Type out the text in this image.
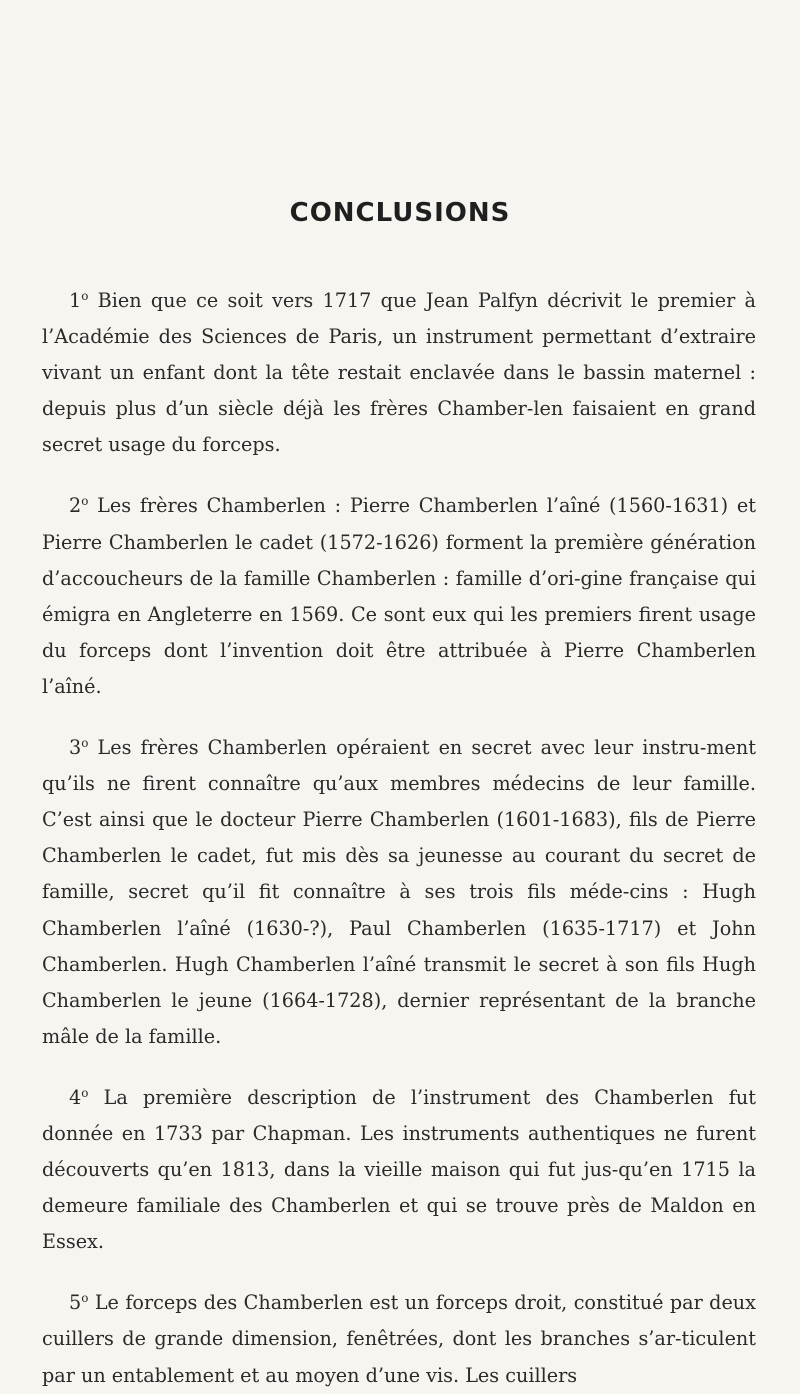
CONCLUSIONS

1$^o$ Bien que ce soit vers 1717 que Jean Palfyn décrivit le premier à l’Académie des Sciences de Paris, un instrument permettant d’extraire vivant un enfant dont la tête restait enclavée dans le bassin maternel : depuis plus d’un siècle déjà les frères Chamber-len faisaient en grand secret usage du forceps.

2$^o$ Les frères Chamberlen : Pierre Chamberlen l’aîné (1560-1631) et Pierre Chamberlen le cadet (1572-1626) forment la première génération d’accoucheurs de la famille Chamberlen : famille d’ori-gine française qui émigra en Angleterre en 1569. Ce sont eux qui les premiers firent usage du forceps dont l’invention doit être attribuée à Pierre Chamberlen l’aîné.

3$^o$ Les frères Chamberlen opéraient en secret avec leur instru-ment qu’ils ne firent connaître qu’aux membres médecins de leur famille. C’est ainsi que le docteur Pierre Chamberlen (1601-1683), fils de Pierre Chamberlen le cadet, fut mis dès sa jeunesse au courant du secret de famille, secret qu’il fit connaître à ses trois fils méde-cins : Hugh Chamberlen l’aîné (1630-?), Paul Chamberlen (1635-1717) et John Chamberlen. Hugh Chamberlen l’aîné transmit le secret à son fils Hugh Chamberlen le jeune (1664-1728), dernier représentant de la branche mâle de la famille.

4$^o$ La première description de l’instrument des Chamberlen fut donnée en 1733 par Chapman. Les instruments authentiques ne furent découverts qu’en 1813, dans la vieille maison qui fut jus-qu’en 1715 la demeure familiale des Chamberlen et qui se trouve près de Maldon en Essex.

5$^o$ Le forceps des Chamberlen est un forceps droit, constitué par deux cuillers de grande dimension, fenêtrées, dont les branches s’ar-ticulent par un entablement et au moyen d’une vis. Les cuillers
